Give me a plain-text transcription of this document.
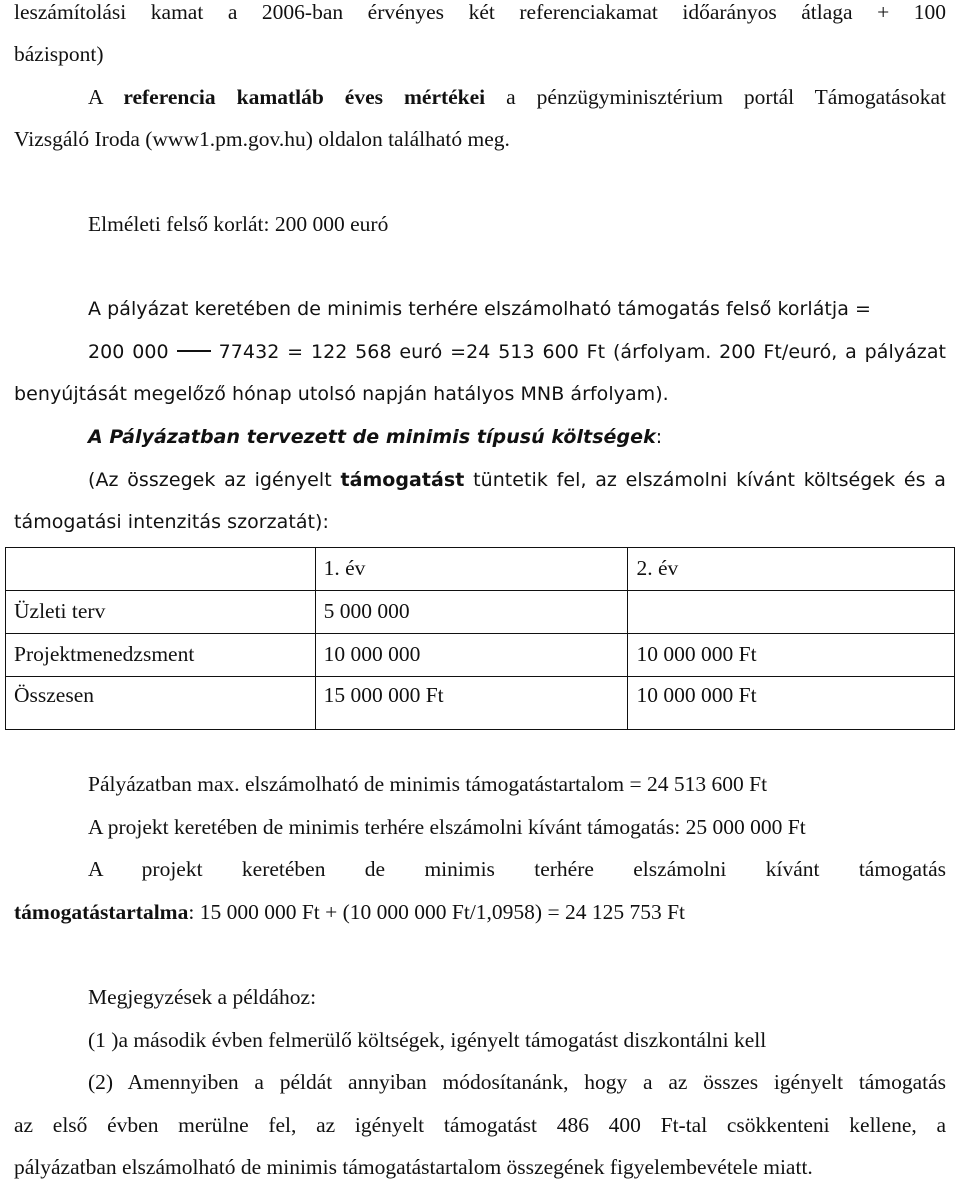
leszámítolási kamat a 2006-ban érvényes két referenciakamat időarányos átlaga + 100
bázispont)
A referencia kamatláb éves mértékei a pénzügyminisztérium portál Támogatásokat
Vizsgáló Iroda (www1.pm.gov.hu) oldalon található meg.
Elméleti felső korlát: 200 000 euró
A pályázat keretében de minimis terhére elszámolható támogatás felső korlátja =
200 000	77432 = 122 568 euró =24 513 600 Ft (árfolyam. 200 Ft/euró, a pályázat
benyújtását megelőző hónap utolsó napján hatályos MNB árfolyam).
A Pályázatban tervezett de minimis típusú költségek:
(Az összegek az igényelt támogatást tüntetik fel, az elszámolni kívánt költségek és a
támogatási intenzitás szorzatát):
	1. év	2. év
Üzleti terv	5 000 000	
Projektmenedzsment	10 000 000	10 000 000 Ft
Összesen	15 000 000 Ft	10 000 000 Ft
Pályázatban max. elszámolható de minimis támogatástartalom = 24 513 600 Ft
A projekt keretében de minimis terhére elszámolni kívánt támogatás: 25 000 000 Ft
A projekt keretében de minimis terhére elszámolni kívánt támogatás
támogatástartalma: 15 000 000 Ft + (10 000 000 Ft/1,0958) = 24 125 753 Ft
Megjegyzések a példához:
(1 )a második évben felmerülő költségek, igényelt támogatást diszkontálni kell
(2) Amennyiben a példát annyiban módosítanánk, hogy a az összes igényelt támogatás
az első évben merülne fel, az igényelt támogatást 486 400 Ft-tal csökkenteni kellene, a
pályázatban elszámolható de minimis támogatástartalom összegének figyelembevétele miatt.
